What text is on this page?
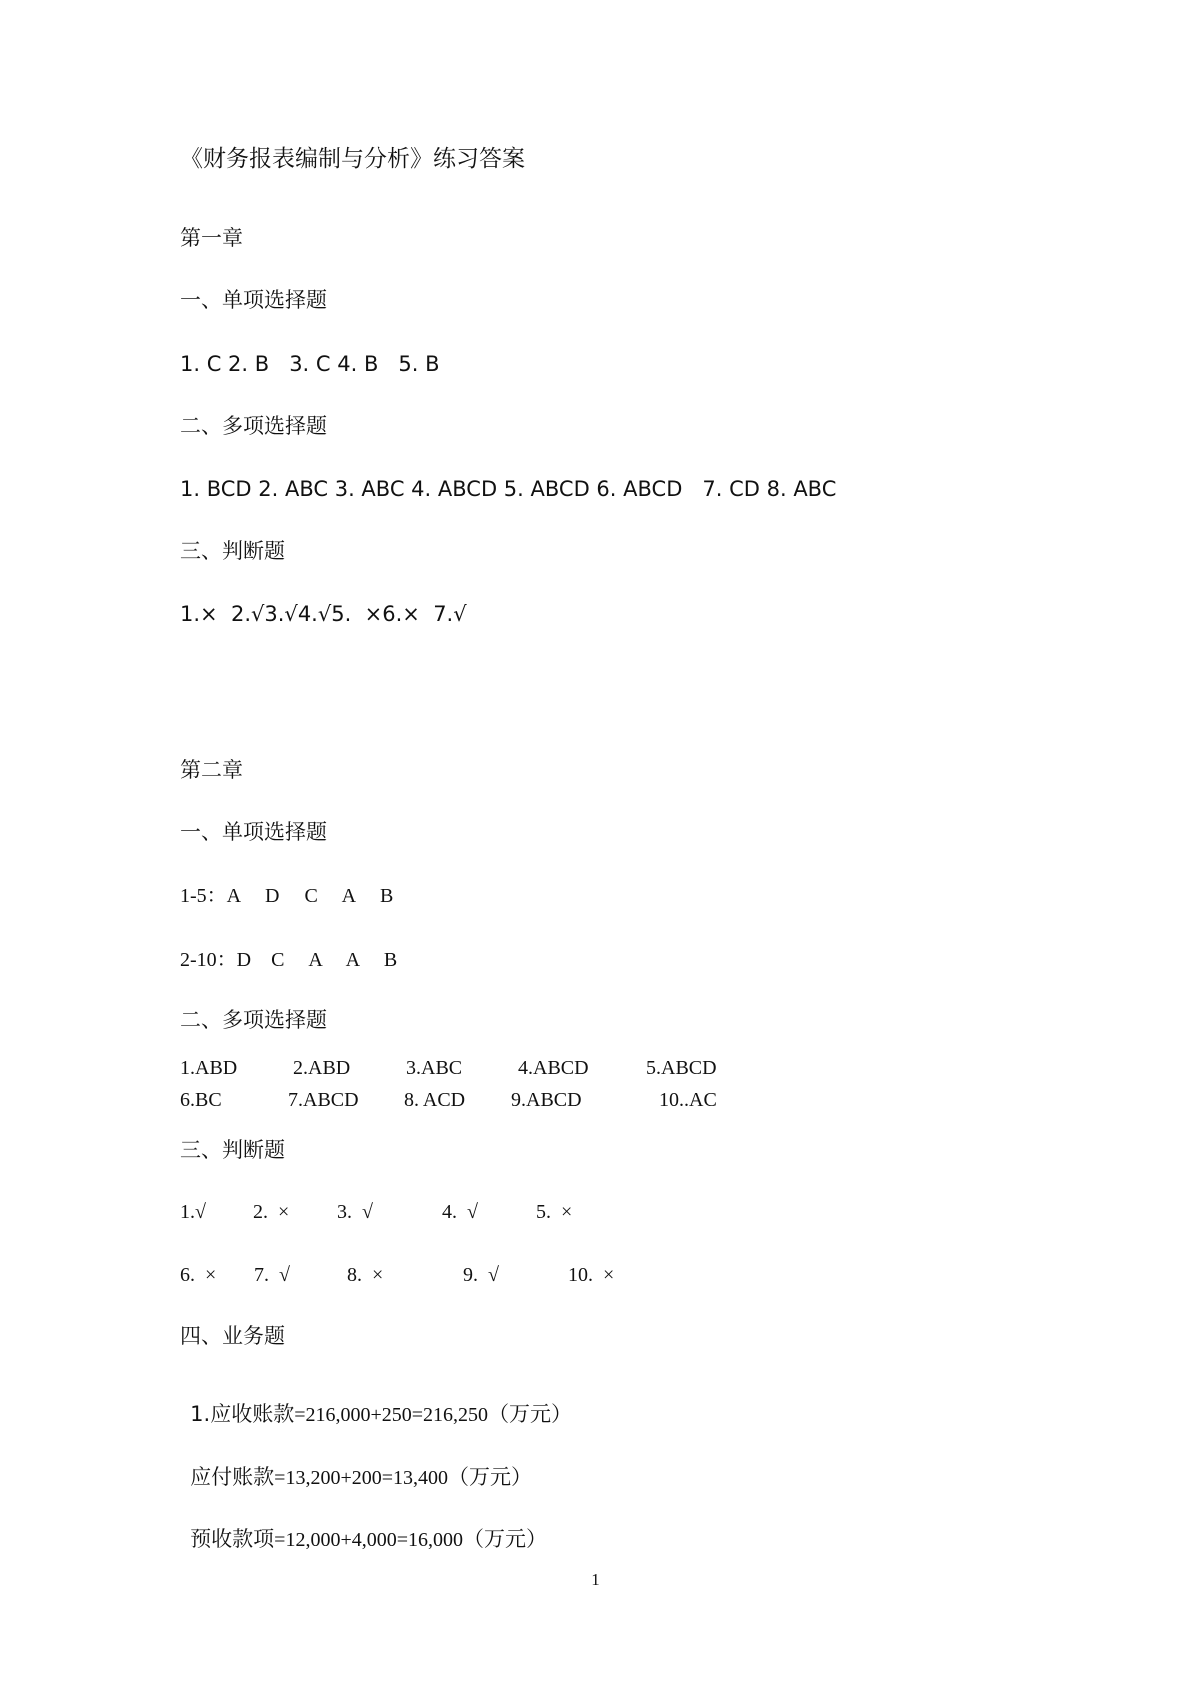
《财务报表编制与分析》练习答案
第一章
一、单项选择题
1. C 2. B   3. C 4. B   5. B
二、多项选择题
1. BCD 2. ABC 3. ABC 4. ABCD 5. ABCD 6. ABCD   7. CD 8. ABC
三、判断题
1.×  2.√3.√4.√5.  ×6.×  7.√
第二章
一、单项选择题
1-5：A     D     C     A     B
2-10：D    C     A     A     B
二、多项选择题
1.ABD	2.ABD	3.ABC	4.ABCD	5.ABCD
6.BC	7.ABCD 8. ACD 9.ABCD	10..AC
三、判断题
1.√ 2.  × 3.  √	4.  √	5.  ×
6.  × 7.  √	8.  ×	9.  √	10.  ×
四、业务题

1.应收账款=216,000+250=216,250（万元）

应付账款=13,200+200=13,400（万元）

预收款项=12,000+4,000=16,000（万元）

1
